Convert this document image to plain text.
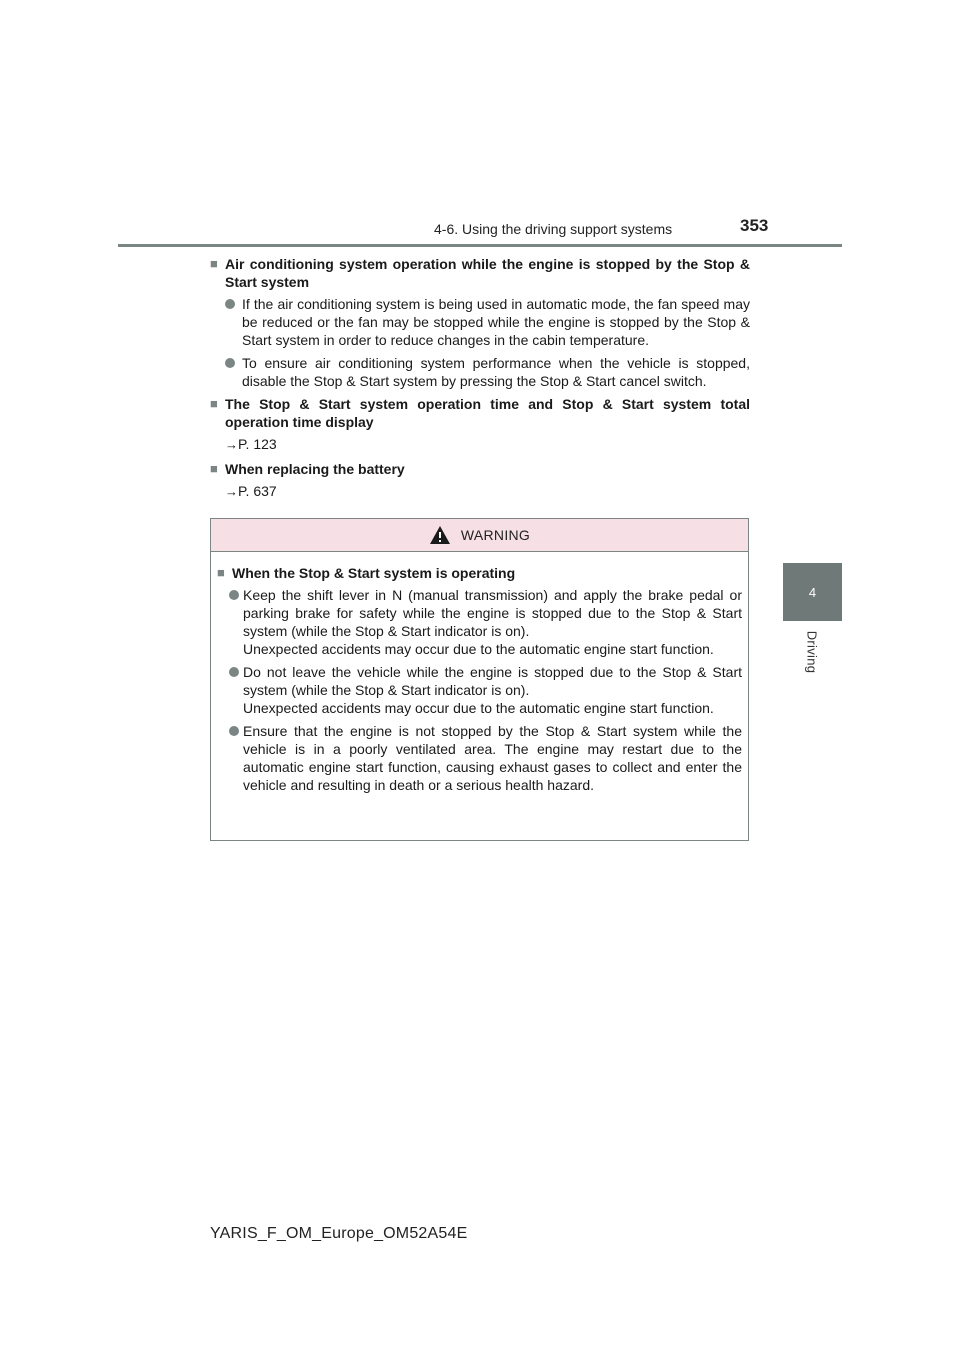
4-6. Using the driving support systems	353
4
Driving
■ Air conditioning system operation while the engine is stopped by the Stop & Start system
If the air conditioning system is being used in automatic mode, the fan speed may be reduced or the fan may be stopped while the engine is stopped by the Stop & Start system in order to reduce changes in the cabin temperature.
To ensure air conditioning system performance when the vehicle is stopped, disable the Stop & Start system by pressing the Stop & Start cancel switch.
■ The Stop & Start system operation time and Stop & Start system total operation time display
→P. 123
■ When replacing the battery
→P. 637
WARNING
■ When the Stop & Start system is operating
Keep the shift lever in N (manual transmission) and apply the brake pedal or parking brake for safety while the engine is stopped due to the Stop & Start system (while the Stop & Start indicator is on).
Unexpected accidents may occur due to the automatic engine start function.
Do not leave the vehicle while the engine is stopped due to the Stop & Start system (while the Stop & Start indicator is on).
Unexpected accidents may occur due to the automatic engine start function.
Ensure that the engine is not stopped by the Stop & Start system while the vehicle is in a poorly ventilated area. The engine may restart due to the automatic engine start function, causing exhaust gases to collect and enter the vehicle and resulting in death or a serious health hazard.
YARIS_F_OM_Europe_OM52A54E
